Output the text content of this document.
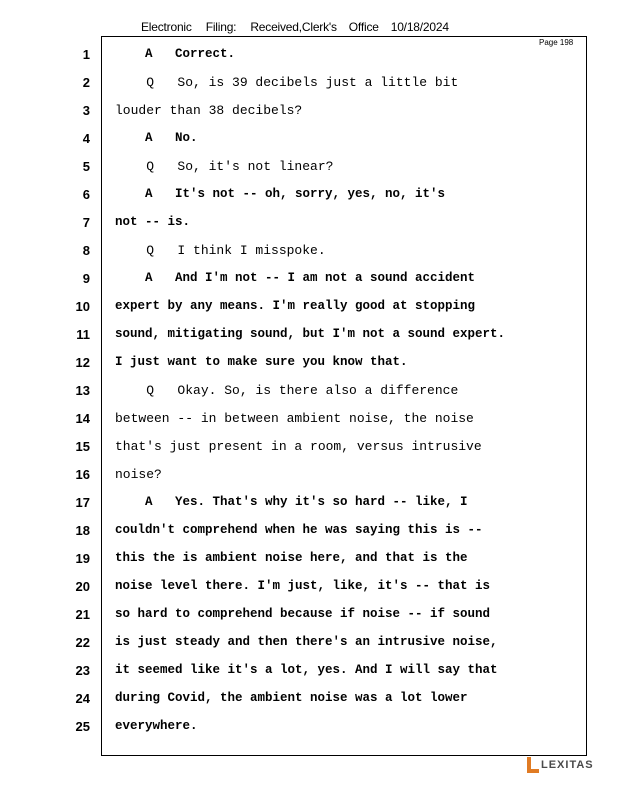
Electronic Filing: Received,Clerk's Office 10/18/2024
Page 198
1 A   Correct.
2 Q   So, is 39 decibels just a little bit
3 louder than 38 decibels?
4 A   No.
5 Q   So, it's not linear?
6 A   It's not -- oh, sorry, yes, no, it's
7 not -- is.
8 Q   I think I misspoke.
9 A   And I'm not -- I am not a sound accident
10 expert by any means. I'm really good at stopping
11 sound, mitigating sound, but I'm not a sound expert.
12 I just want to make sure you know that.
13 Q   Okay. So, is there also a difference
14 between -- in between ambient noise, the noise
15 that's just present in a room, versus intrusive
16 noise?
17 A   Yes. That's why it's so hard -- like, I
18 couldn't comprehend when he was saying this is --
19 this the is ambient noise here, and that is the
20 noise level there. I'm just, like, it's -- that is
21 so hard to comprehend because if noise -- if sound
22 is just steady and then there's an intrusive noise,
23 it seemed like it's a lot, yes. And I will say that
24 during Covid, the ambient noise was a lot lower
25 everywhere.
LEXITAS
